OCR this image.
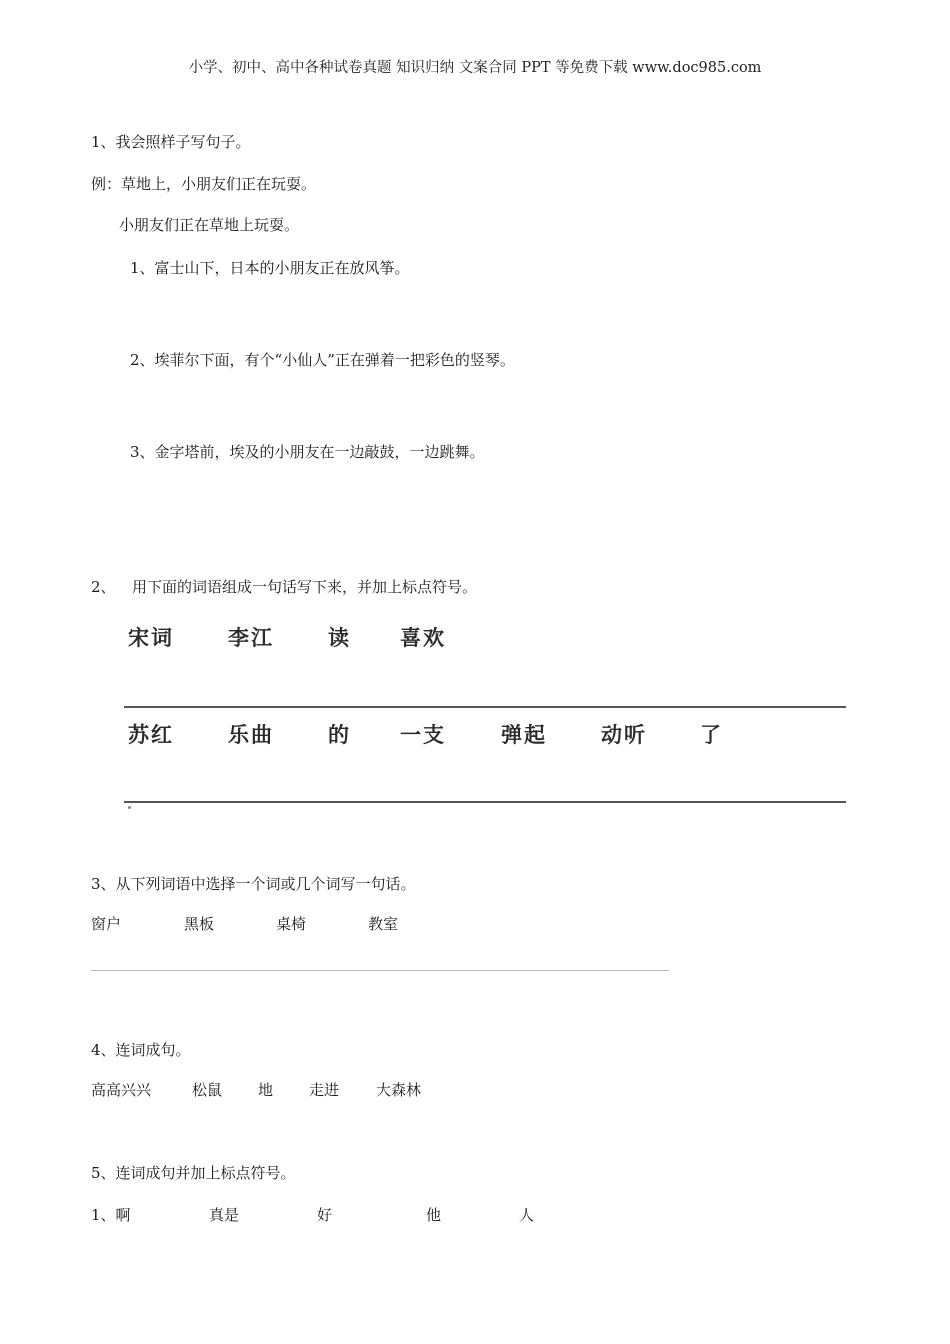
小学、初中、高中各种试卷真题 知识归纳 文案合同 PPT 等免费下载 www.doc985.com
1、我会照样子写句子。
例：草地上，小朋友们正在玩耍。
小朋友们正在草地上玩耍。
1、富士山下，日本的小朋友正在放风筝。
2、埃菲尔下面，有个“小仙人”正在弹着一把彩色的竖琴。
3、金字塔前，埃及的小朋友在一边敲鼓，一边跳舞。
2、 用下面的词语组成一句话写下来，并加上标点符号。
宋词	李江	读 喜欢
苏红	乐曲	的 一支	弹起	动听	了
3、从下列词语中选择一个词或几个词写一句话。
窗户	黑板	桌椅	教室
4、连词成句。
高高兴兴	松鼠 地 走进 大森林
5、连词成句并加上标点符号。
1、啊	真是	好	他	人
